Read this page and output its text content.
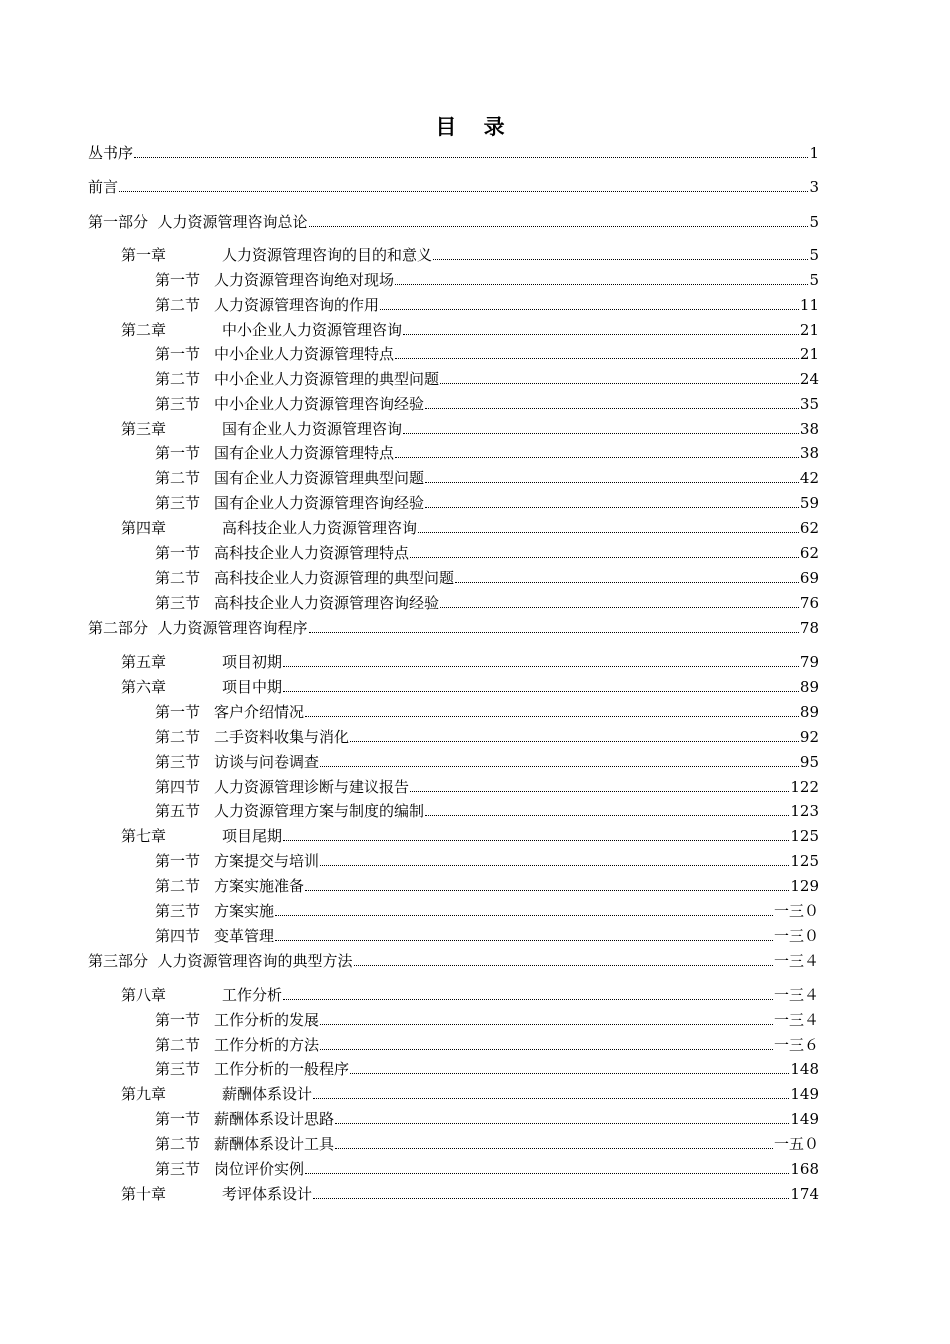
目 录
丛书序	1
前言	3
第一部分  人力资源管理咨询总论	5
第一章	人力资源管理咨询的目的和意义	5
第一节 人力资源管理咨询绝对现场	5
第二节 人力资源管理咨询的作用	11
第二章	中小企业人力资源管理咨询	21
第一节 中小企业人力资源管理特点	21
第二节 中小企业人力资源管理的典型问题	24
第三节 中小企业人力资源管理咨询经验	35
第三章	国有企业人力资源管理咨询	38
第一节 国有企业人力资源管理特点	38
第二节 国有企业人力资源管理典型问题	42
第三节 国有企业人力资源管理咨询经验	59
第四章	高科技企业人力资源管理咨询	62
第一节 高科技企业人力资源管理特点	62
第二节 高科技企业人力资源管理的典型问题	69
第三节 高科技企业人力资源管理咨询经验	76
第二部分  人力资源管理咨询程序	78
第五章	项目初期	79
第六章	项目中期	89
第一节 客户介绍情况	89
第二节 二手资料收集与消化	92
第三节 访谈与问卷调查	95
第四节 人力资源管理诊断与建议报告	122
第五节 人力资源管理方案与制度的编制	123
第七章	项目尾期	125
第一节 方案提交与培训	125
第二节 方案实施准备	129
第三节 方案实施	一三０
第四节 变革管理	一三０
第三部分  人力资源管理咨询的典型方法	一三４
第八章	工作分析	一三４
第一节 工作分析的发展	一三４
第二节 工作分析的方法	一三６
第三节 工作分析的一般程序	148
第九章	薪酬体系设计	149
第一节 薪酬体系设计思路	149
第二节 薪酬体系设计工具	一五０
第三节 岗位评价实例	168
第十章	考评体系设计	174
